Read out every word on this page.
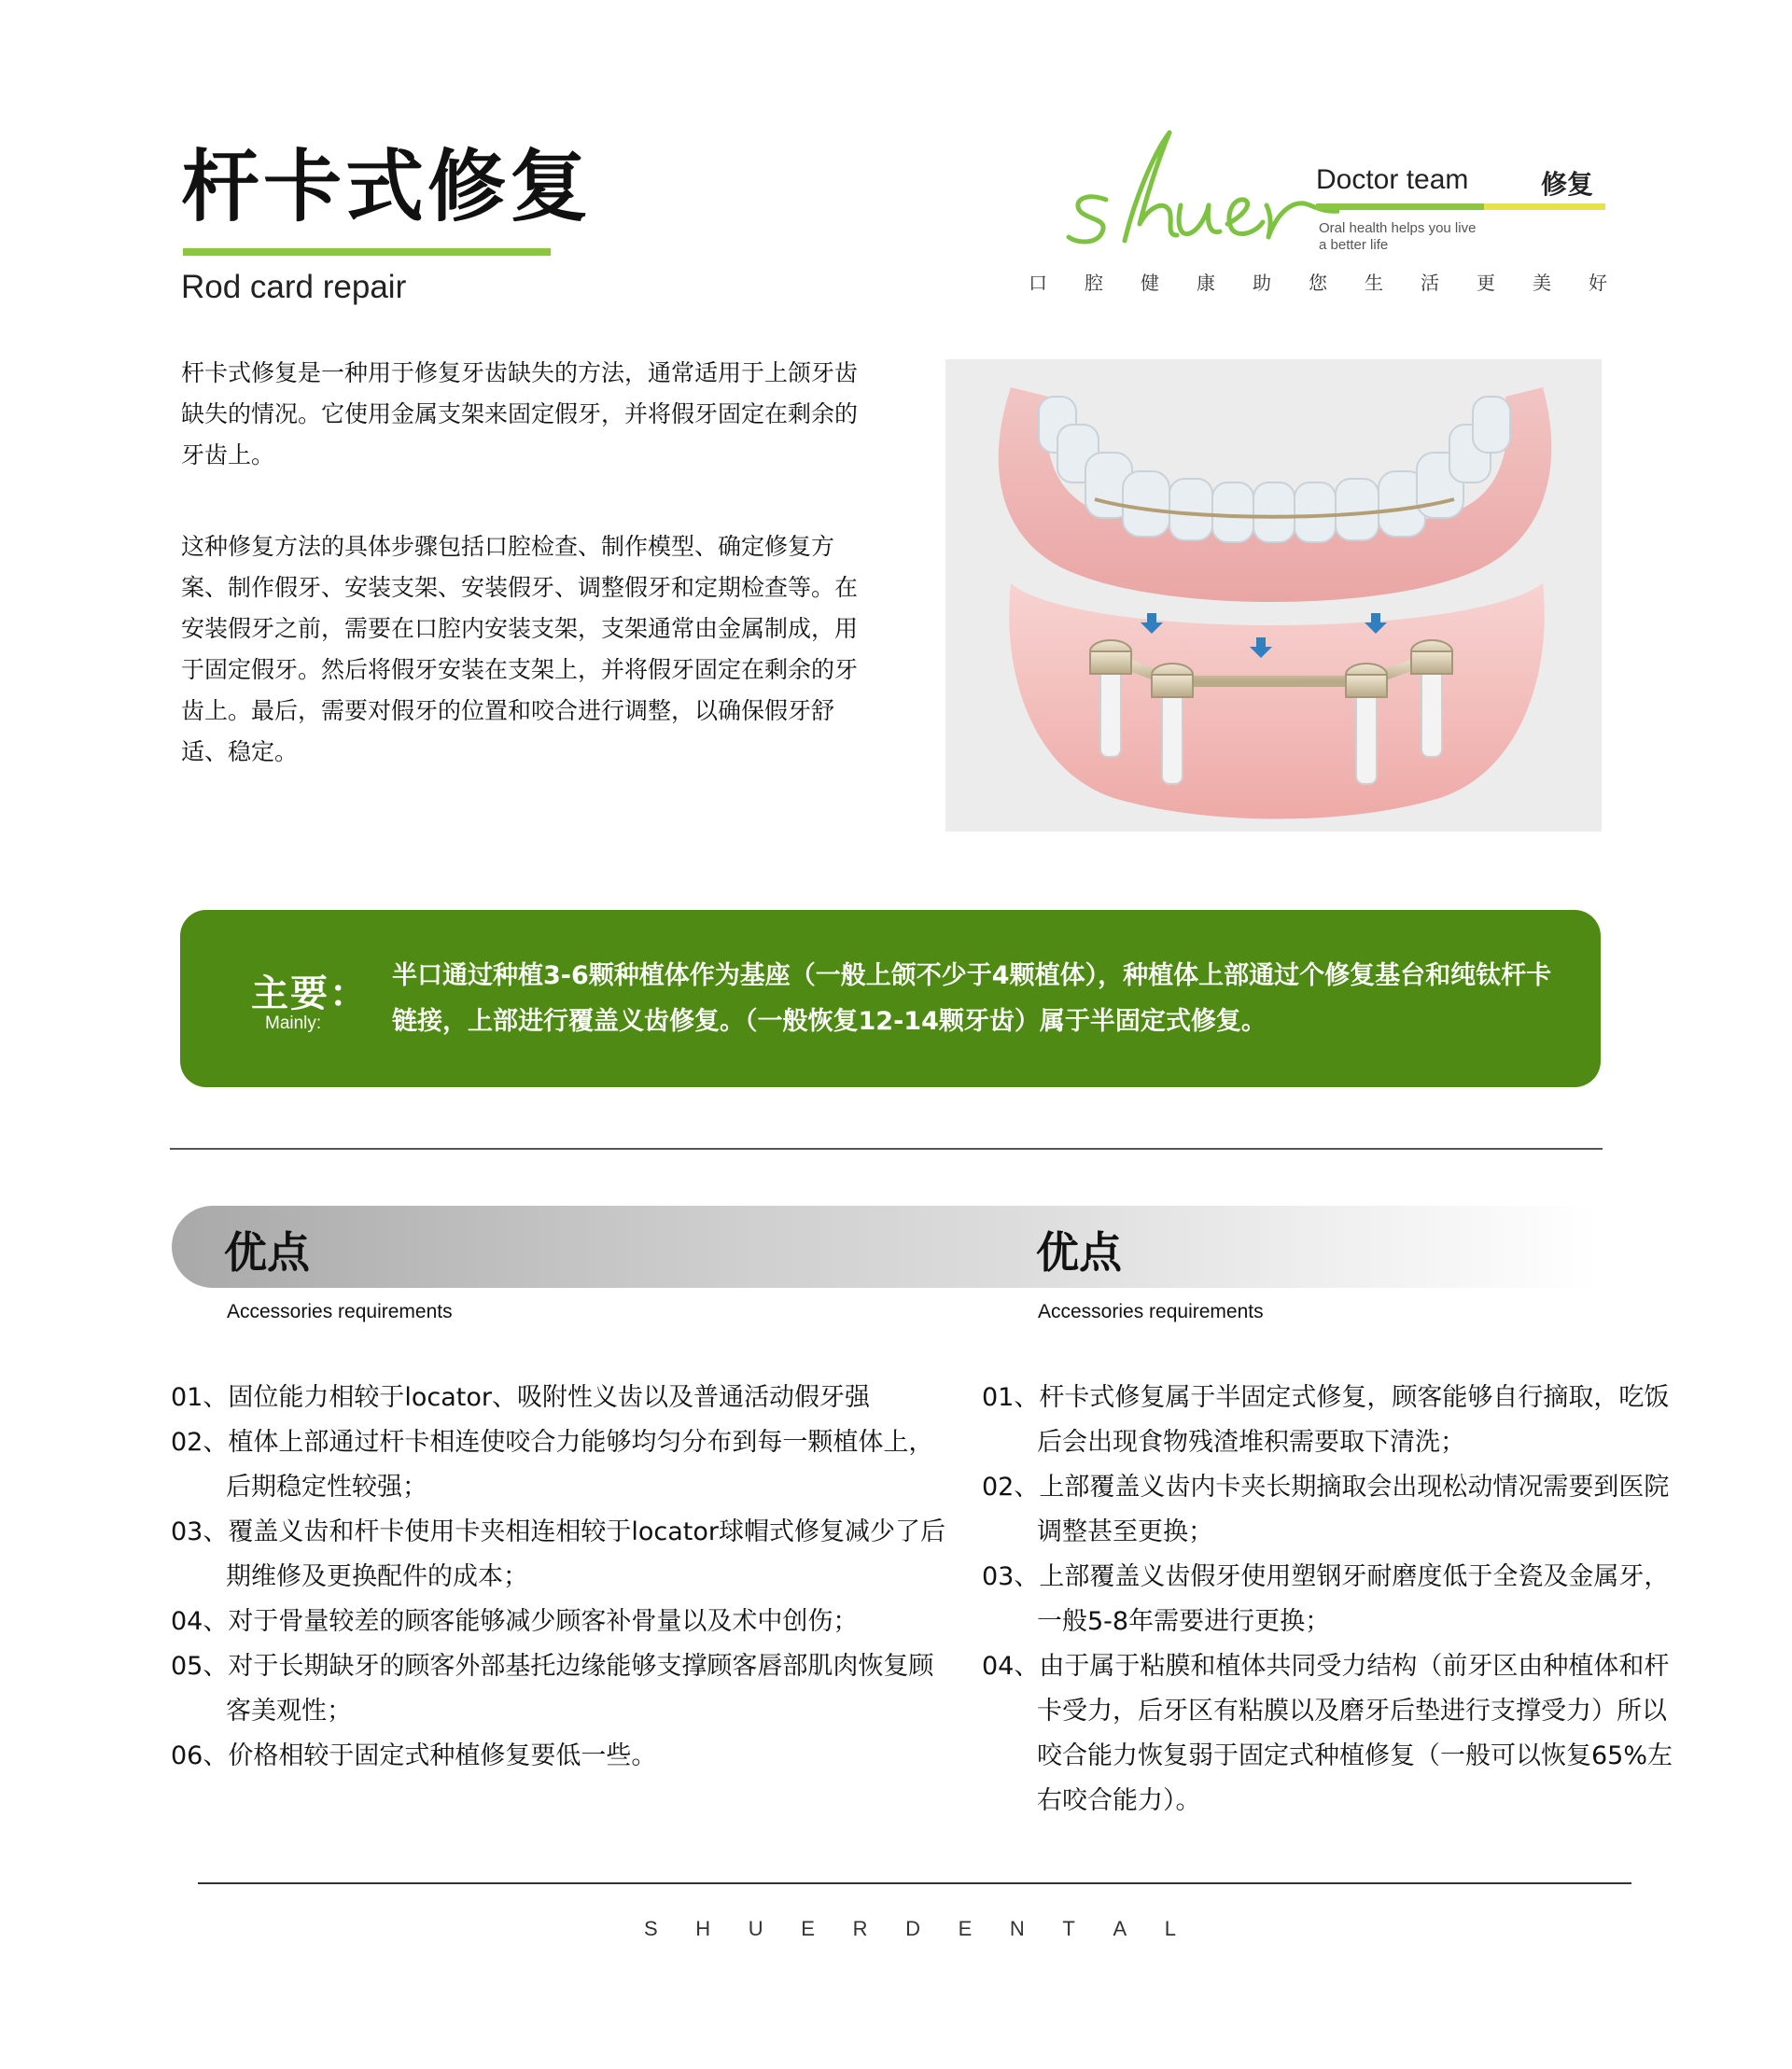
杆卡式修复
Rod card repair
Doctor team	修复
Oral health helps you live a better life
口 腔 健 康 助 您 生 活 更 美 好

杆卡式修复是一种用于修复牙齿缺失的方法，通常适用于上颌牙齿缺失的情况。它使用金属支架来固定假牙，并将假牙固定在剩余的牙齿上。

这种修复方法的具体步骤包括口腔检查、制作模型、确定修复方案、制作假牙、安装支架、安装假牙、调整假牙和定期检查等。在安装假牙之前，需要在口腔内安装支架，支架通常由金属制成，用于固定假牙。然后将假牙安装在支架上，并将假牙固定在剩余的牙齿上。最后，需要对假牙的位置和咬合进行调整，以确保假牙舒适、稳定。

主要：
Mainly:
半口通过种植3-6颗种植体作为基座（一般上颌不少于4颗植体），种植体上部通过个修复基台和纯钛杆卡链接，上部进行覆盖义齿修复。（一般恢复12-14颗牙齿）属于半固定式修复。
优点	优点
Accessories requirements	Accessories requirements
01、固位能力相较于locator、吸附性义齿以及普通活动假牙强
02、植体上部通过杆卡相连使咬合力能够均匀分布到每一颗植体上，后期稳定性较强；
03、覆盖义齿和杆卡使用卡夹相连相较于locator球帽式修复减少了后期维修及更换配件的成本；
04、对于骨量较差的顾客能够减少顾客补骨量以及术中创伤；
05、对于长期缺牙的顾客外部基托边缘能够支撑顾客唇部肌肉恢复顾客美观性；
06、价格相较于固定式种植修复要低一些。
01、杆卡式修复属于半固定式修复，顾客能够自行摘取，吃饭后会出现食物残渣堆积需要取下清洗；
02、上部覆盖义齿内卡夹长期摘取会出现松动情况需要到医院调整甚至更换；
03、上部覆盖义齿假牙使用塑钢牙耐磨度低于全瓷及金属牙，一般5-8年需要进行更换；
04、由于属于粘膜和植体共同受力结构（前牙区由种植体和杆卡受力，后牙区有粘膜以及磨牙后垫进行支撑受力）所以咬合能力恢复弱于固定式种植修复（一般可以恢复65%左右咬合能力）。
S H U E R D E N T A L
